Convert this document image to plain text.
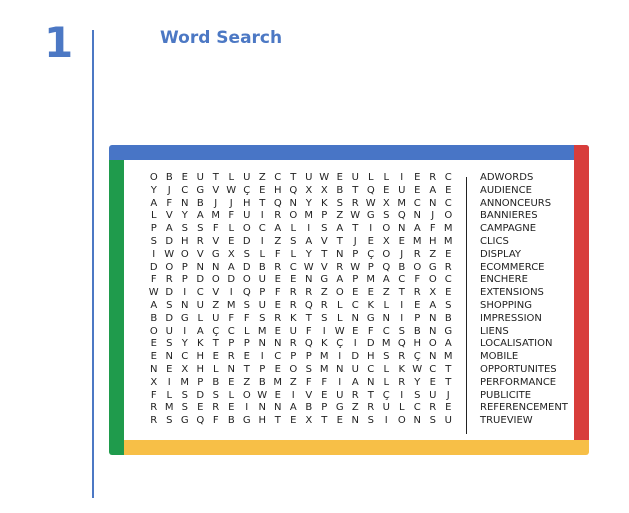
1	Word Search
O B E U T L U Z C T U W E U L L	I	E R C
Y	J	C G V W Ç E H Q X X B T Q E U E A E
A F N B	J	J	H T Q N Y K S R W X M C N C
L V Y A M F U	I	R O M P Z W G S Q N	J	O
P A S S F L O C A L	I	S A T	I	O N A F M
S D H R V E D	I	Z S A V T	J	E X E M H M
I W O V G X S L F L Y T N P Ç O	J	R Z E
D O P N N A D B R C W V R W P Q B O G R
F R P D O D O U E E N G A P M A C F O C
W D	I	C V	I	Q P F R R Z O E E Z T R X E
A S N U Z M S U E R Q R L C K L	I	E A S
B D G L U F F S R K T S L N G N	I	P N B
O U	I	A Ç C L M E U F	I W E F C S B N G
E S Y K T P P N N R Q K Ç	I	D M Q H O A
E N C H E R E	I	C P P M I	D H S R Ç N M
N E X H L N T P E O S M N U C L K W C T
X	I M P B E Z B M Z F F	I	A N L R Y E T
F L S D S L O W E	I	V E U R T Ç	I	S U	J
R M S E R E	I	N N A B P G Z R U L C R E
R S G Q F B G H T E X T E N S	I	O N S U
ADWORDS
AUDIENCE
ANNONCEURS
BANNIERES
CAMPAGNE
CLICS
DISPLAY
ECOMMERCE
ENCHERE
EXTENSIONS
SHOPPING
IMPRESSION
LIENS
LOCALISATION
MOBILE
OPPORTUNITES
PERFORMANCE
PUBLICITE
REFERENCEMENT
TRUEVIEW
